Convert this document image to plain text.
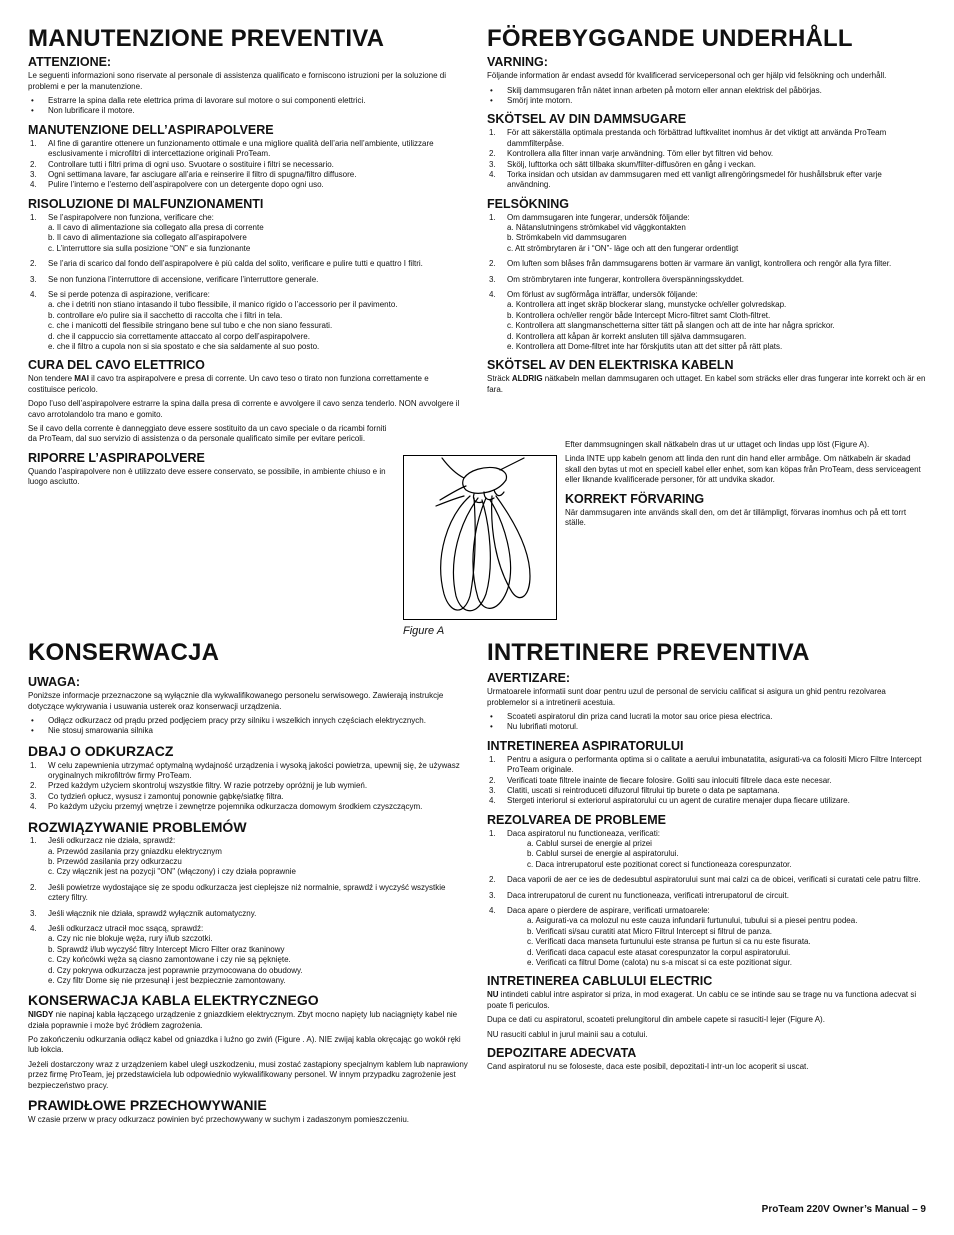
MANUTENZIONE PREVENTIVA
ATTENZIONE:

Le seguenti informazioni sono riservate al personale di assistenza qualificato e forniscono istruzioni per la soluzione di problemi e per la manutenzione.

• Estrarre la spina dalla rete elettrica prima di lavorare sul motore o sui componenti elettrici.
• Non lubrificare il motore.
MANUTENZIONE DELL’ASPIRAPOLVERE
1. Al fine di garantire ottenere un funzionamento ottimale e una migliore qualità dell’aria nell’ambiente, utilizzare esclusivamente i microfiltri di intercettazione originali ProTeam.
2. Controllare tutti i filtri prima di ogni uso. Svuotare o sostituire i filtri se necessario.
3. Ogni settimana lavare, far asciugare all’aria e reinserire il filtro di spugna/filtro diffusore.
4. Pulire l’interno e l’esterno dell’aspirapolvere con un detergente dopo ogni uso.
RISOLUZIONE DI MALFUNZIONAMENTI
1. Se l’aspirapolvere non funziona, verificare che:
a. Il cavo di alimentazione sia collegato alla presa di corrente
b. Il cavo di alimentazione sia collegato all’aspirapolvere
c. L’interruttore sia sulla posizione “ON” e sia funzionante
2. Se l’aria di scarico dal fondo dell’aspirapolvere è più calda del solito, verificare e pulire tutti e quattro I filtri.
3. Se non funziona l’interruttore di accensione, verificare l’interruttore generale.
4. Se si perde potenza di aspirazione, verificare:
a. che i detriti non stiano intasando il tubo flessibile, il manico rigido o l’accessorio per il pavimento.
b. controllare e/o pulire sia il sacchetto di raccolta che i filtri in tela.
c. che i manicotti del flessibile stringano bene sul tubo e che non siano fessurati.
d. che il cappuccio sia correttamente attaccato al corpo dell’aspirapolvere.
e. che il filtro a cupola non si sia spostato e che sia saldamente al suo posto.
CURA DEL CAVO ELETTRICO

Non tendere MAI il cavo tra aspirapolvere e presa di corrente. Un cavo teso o tirato non funziona correttamente e costituisce pericolo.

Dopo l’uso dell’aspirapolvere estrarre la spina dalla presa di corrente e avvolgere il cavo senza tenderlo. NON avvolgere il cavo arrotolandolo tra mano e gomito.

Se il cavo della corrente è danneggiato deve essere sostituito da un cavo speciale o da ricambi forniti da ProTeam, dal suo servizio di assistenza o da personale qualificato simile per evitare pericoli.

RIPORRE L’ASPIRAPOLVERE

Quando l’aspirapolvere non è utilizzato deve essere conservato, se possibile, in ambiente chiuso e in luogo asciutto.

FÖREBYGGANDE UNDERHÅLL
VARNING:

Följande information är endast avsedd för kvalificerad servicepersonal och ger hjälp vid felsökning och underhåll.

• Skilj dammsugaren från nätet innan arbeten på motorn eller annan elektrisk del påbörjas.
• Smörj inte motorn.
SKÖTSEL AV DIN DAMMSUGARE
1. För att säkerställa optimala prestanda och förbättrad luftkvalitet inomhus är det viktigt att använda ProTeam dammfilterpåse.
2. Kontrollera alla filter innan varje användning. Töm eller byt filtren vid behov.
3. Skölj, lufttorka och sätt tillbaka skum/filter-diffusören en gång i veckan.
4. Torka insidan och utsidan av dammsugaren med ett vanligt allrengöringsmedel för hushållsbruk efter varje användning.
FELSÖKNING
1. Om dammsugaren inte fungerar, undersök följande:
a. Nätanslutningens strömkabel vid väggkontakten
b. Strömkabeln vid dammsugaren
c. Att strömbrytaren är i “ON”- läge och att den fungerar ordentligt
2. Om luften som blåses från dammsugarens botten är varmare än vanligt, kontrollera och rengör alla fyra filter.
3. Om strömbrytaren inte fungerar, kontrollera överspänningsskyddet.
4. Om förlust av sugförmåga inträffar, undersök följande:
a. Kontrollera att inget skräp blockerar slang, munstycke och/eller golvredskap.
b. Kontrollera och/eller rengör både Intercept Micro-filtret samt Cloth-filtret.
c. Kontrollera att slangmanschetterna sitter tätt på slangen och att de inte har några sprickor.
d. Kontrollera att kåpan är korrekt ansluten till själva dammsugaren.
e. Kontrollera att Dome-filtret inte har förskjutits utan att det sitter på rätt plats.
SKÖTSEL AV DEN ELEKTRISKA KABELN

Sträck ALDRIG nätkabeln mellan dammsugaren och uttaget. En kabel som sträcks eller dras fungerar inte korrekt och är en fara.

Efter dammsugningen skall nätkabeln dras ut ur uttaget och lindas upp löst (Figure A).

Linda INTE upp kabeln genom att linda den runt din hand eller armbåge. Om nätkabeln är skadad skall den bytas ut mot en speciell kabel eller enhet, som kan köpas från ProTeam, dess serviceagent eller liknande kvalificerade personer, för att undvika skador.

KORREKT FÖRVARING

När dammsugaren inte används skall den, om det är tillämpligt, förvaras inomhus och på ett torrt ställe.

Figure A
KONSERWACJA
UWAGA:

Poniższe informacje przeznaczone są wyłącznie dla wykwalifikowanego personelu serwisowego. Zawierają instrukcje dotyczące wykrywania i usuwania usterek oraz konserwacji urządzenia.

• Odłącz odkurzacz od prądu przed podjęciem pracy przy silniku i wszelkich innych częściach elektrycznych.
• Nie stosuj smarowania silnika
DBAJ O ODKURZACZ
1. W celu zapewnienia utrzymać optymalną wydajność urządzenia i wysoką jakości powietrza, upewnij się, że używasz oryginalnych mikrofiltrów firmy ProTeam.
2. Przed każdym użyciem skontroluj wszystkie filtry. W razie potrzeby opróżnij je lub wymień.
3. Co tydzień opłucz, wysusz i zamontuj ponownie gąbkę/siatkę filtra.
4. Po każdym użyciu przemyj wnętrze i zewnętrze pojemnika odkurzacza domowym środkiem czyszczącym.
ROZWIĄZYWANIE PROBLEMÓW
1. Jeśli odkurzacz nie działa, sprawdź:
a. Przewód zasilania przy gniazdku elektrycznym
b. Przewód zasilania przy odkurzaczu
c. Czy włącznik jest na pozycji "ON" (włączony) i czy działa poprawnie
2. Jeśli powietrze wydostające się ze spodu odkurzacza jest cieplejsze niż normalnie, sprawdź i wyczyść wszystkie cztery filtry.
3. Jeśli włącznik nie działa, sprawdź wyłącznik automatyczny.
4. Jeśli odkurzacz utracił moc ssącą, sprawdź:
a. Czy nic nie blokuje węża, rury i/lub szczotki.
b. Sprawdź i/lub wyczyść filtry Intercept Micro Filter oraz tkaninowy
c. Czy końcówki węża są ciasno zamontowane i czy nie są pęknięte.
d. Czy pokrywa odkurzacza jest poprawnie przymocowana do obudowy.
e. Czy filtr Dome się nie przesunął i jest bezpiecznie zamontowany.
KONSERWACJA KABLA ELEKTRYCZNEGO

NIGDY nie napinaj kabla łączącego urządzenie z gniazdkiem elektrycznym. Zbyt mocno napięty lub naciągnięty kabel nie działa poprawnie i może być źródłem zagrożenia.

Po zakończeniu odkurzania odłącz kabel od gniazdka i luźno go zwiń (Figure . A). NIE zwijaj kabla okręcając go wokół ręki lub łokcia.

Jeżeli dostarczony wraz z urządzeniem kabel uległ uszkodzeniu, musi zostać zastąpiony specjalnym kablem lub naprawiony przez firmę ProTeam, jej przedstawiciela lub odpowiednio wykwalifikowany personel. W innym przypadku zagrożenie jest bezpieczeństwo pracy.

PRAWIDŁOWE PRZECHOWYWANIE

W czasie przerw w pracy odkurzacz powinien być przechowywany w suchym i zadaszonym pomieszczeniu.

INTRETINERE PREVENTIVA
AVERTIZARE:

Urmatoarele informatii sunt doar pentru uzul de personal de serviciu calificat si asigura un ghid pentru rezolvarea problemelor si a intretinerii acestuia.

• Scoateti aspiratorul din priza cand lucrati la motor sau orice piesa electrica.
• Nu lubrifiati motorul.
INTRETINEREA ASPIRATORULUI
1. Pentru a asigura o performanta optima si o calitate a aerului imbunatatita, asigurati-va ca folositi Micro Filtre Intercept ProTeam originale.
2. Verificati toate filtrele inainte de fiecare folosire. Goliti sau inlocuiti filtrele daca este necesar.
3. Clatiti, uscati si reintroduceti difuzorul filtrului tip burete o data pe saptamana.
4. Stergeti interiorul si exteriorul aspiratorului cu un agent de curatire menajer dupa fiecare utilizare.
REZOLVAREA DE PROBLEME
1. Daca aspiratorul nu functioneaza, verificati:
a. Cablul sursei de energie al prizei
b. Cablul sursei de energie al aspiratorului.
c. Daca intrerupatorul este pozitionat corect si functioneaza corespunzator.
2. Daca vaporii de aer ce ies de dedesubtul aspiratorului sunt mai calzi ca de obicei, verificati si curatati cele patru filtre.
3. Daca intrerupatorul de curent nu functioneaza, verificati intrerupatorul de circuit.
4. Daca apare o pierdere de aspirare, verificati urmatoarele:
a. Asigurati-va ca molozul nu este cauza infundarii furtunului, tubului si a piesei pentru podea.
b. Verificati si/sau curatiti atat Micro Filtrul Intercept si filtrul de panza.
c. Verificati daca manseta furtunului este stransa pe furtun si ca nu este fisurata.
d. Verificati daca capacul este atasat corespunzator la corpul aspiratorului.
e. Verificati ca filtrul Dome (calota) nu s-a miscat si ca este pozitionat sigur.
INTRETINEREA CABLULUI ELECTRIC

NU intindeti cablul intre aspirator si priza, in mod exagerat. Un cablu ce se intinde sau se trage nu va functiona adecvat si poate fi periculos.

Dupa ce dati cu aspiratorul, scoateti prelungitorul din ambele capete si rasuciti-l lejer (Figure A).

NU rasuciti cablul in jurul mainii sau a cotului.

DEPOZITARE ADECVATA

Cand aspiratorul nu se foloseste, daca este posibil, depozitati-l intr-un loc acoperit si uscat.

ProTeam 220V Owner’s Manual – 9
